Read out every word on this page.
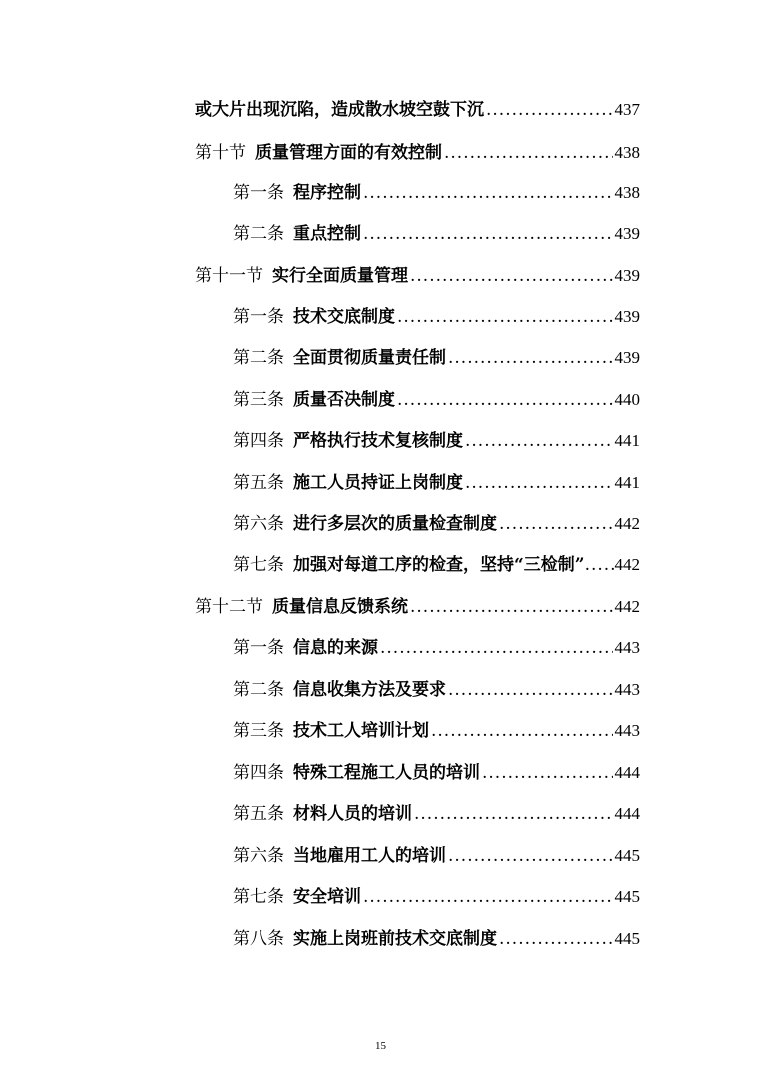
或大片出现沉陷，造成散水坡空鼓下沉 .....	437
第十节 质量管理方面的有效控制 .....	438
第一条 程序控制 .....	438
第二条 重点控制 .....	439
第十一节 实行全面质量管理 .....	439
第一条 技术交底制度 .....	439
第二条 全面贯彻质量责任制 .....	439
第三条 质量否决制度 .....	440
第四条 严格执行技术复核制度 .....	441
第五条 施工人员持证上岗制度 .....	441
第六条 进行多层次的质量检查制度 .....	442
第七条 加强对每道工序的检查，坚持“三检制” ..... 442
第十二节 质量信息反馈系统 .....	442
第一条 信息的来源 .....	443
第二条 信息收集方法及要求 .....	443
第三条 技术工人培训计划 .....	443
第四条 特殊工程施工人员的培训 .....	444
第五条 材料人员的培训 .....	444
第六条 当地雇用工人的培训 .....	445
第七条 安全培训 .....	445
第八条 实施上岗班前技术交底制度 .....	445
15
